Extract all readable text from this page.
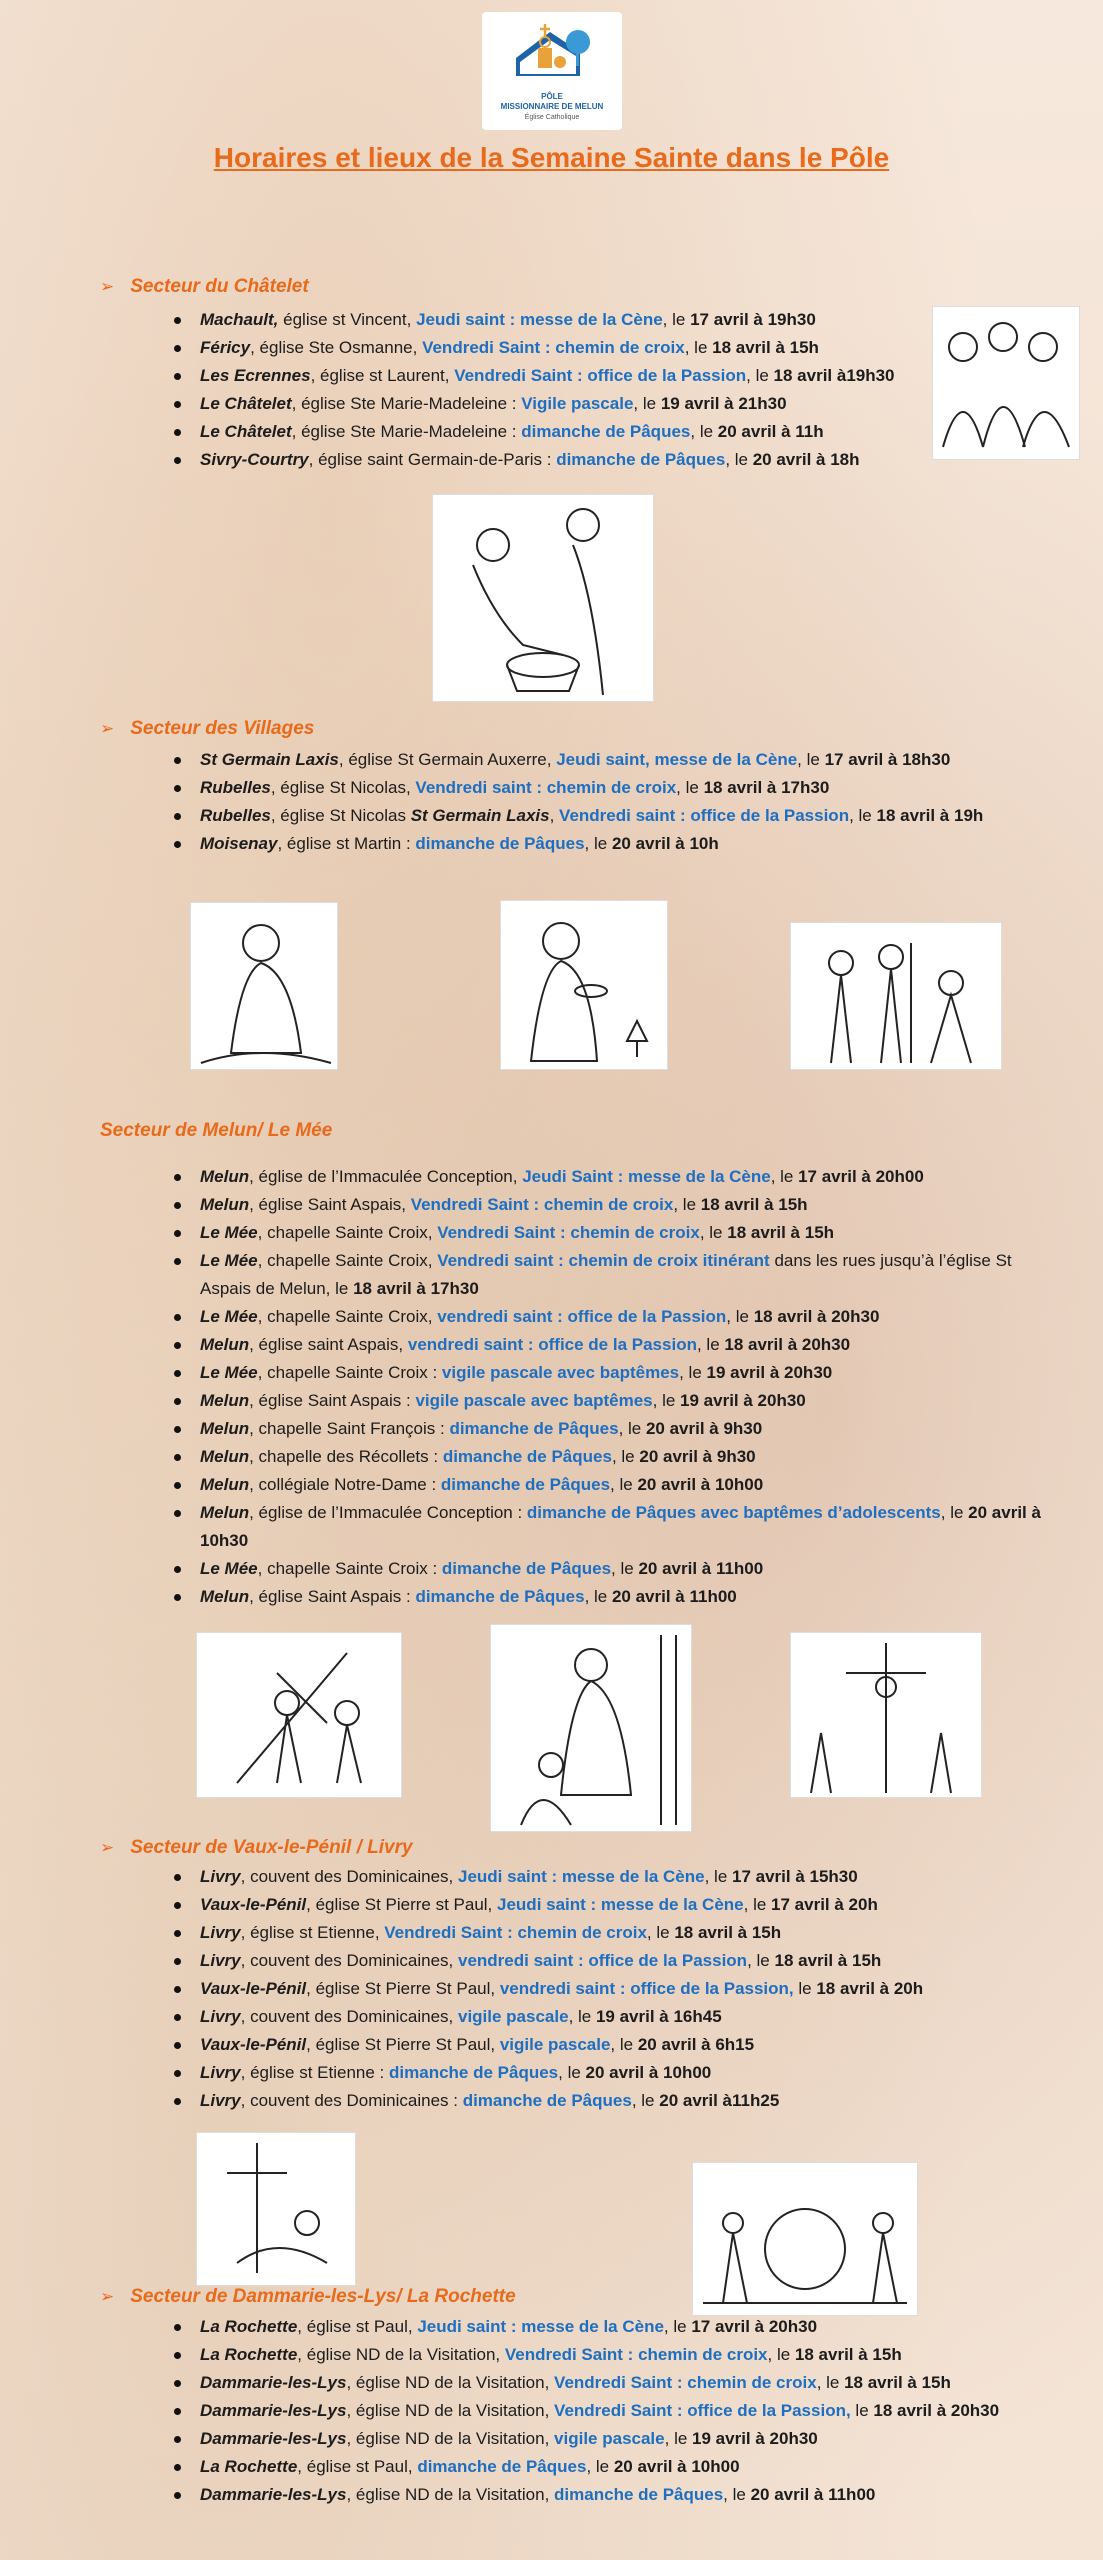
PÔLE
MISSIONNAIRE DE MELUN
Église Catholique
Horaires et lieux de la Semaine Sainte dans le Pôle
➢ Secteur du Châtelet
Machault, église st Vincent, Jeudi saint : messe de la Cène, le 17 avril à 19h30
Féricy, église Ste Osmanne, Vendredi Saint : chemin de croix, le 18 avril à 15h
Les Ecrennes, église st Laurent, Vendredi Saint : office de la Passion, le 18 avril à19h30
Le Châtelet, église Ste Marie-Madeleine : Vigile pascale, le 19 avril à 21h30
Le Châtelet, église Ste Marie-Madeleine : dimanche de Pâques, le 20 avril à 11h
Sivry-Courtry, église saint Germain-de-Paris : dimanche de Pâques, le 20 avril à 18h
➢ Secteur des Villages
St Germain Laxis, église St Germain Auxerre, Jeudi saint, messe de la Cène, le 17 avril à 18h30
Rubelles, église St Nicolas, Vendredi saint : chemin de croix, le 18 avril à 17h30
Rubelles, église St Nicolas St Germain Laxis, Vendredi saint : office de la Passion, le 18 avril à 19h
Moisenay, église st Martin : dimanche de Pâques, le 20 avril à 10h
Secteur de Melun/ Le Mée
Melun, église de l’Immaculée Conception, Jeudi Saint : messe de la Cène, le 17 avril à 20h00
Melun, église Saint Aspais, Vendredi Saint : chemin de croix, le 18 avril à 15h
Le Mée, chapelle Sainte Croix, Vendredi Saint : chemin de croix, le 18 avril à 15h
Le Mée, chapelle Sainte Croix, Vendredi saint : chemin de croix itinérant dans les rues jusqu’à l’église St Aspais de Melun, le 18 avril à 17h30
Le Mée, chapelle Sainte Croix, vendredi saint : office de la Passion, le 18 avril à 20h30
Melun, église saint Aspais, vendredi saint : office de la Passion, le 18 avril à 20h30
Le Mée, chapelle Sainte Croix : vigile pascale avec baptêmes, le 19 avril à 20h30
Melun, église Saint Aspais : vigile pascale avec baptêmes, le 19 avril à 20h30
Melun, chapelle Saint François : dimanche de Pâques, le 20 avril à 9h30
Melun, chapelle des Récollets : dimanche de Pâques, le 20 avril à 9h30
Melun, collégiale Notre-Dame : dimanche de Pâques, le 20 avril à 10h00
Melun, église de l’Immaculée Conception : dimanche de Pâques avec baptêmes d’adolescents, le 20 avril à 10h30
Le Mée, chapelle Sainte Croix : dimanche de Pâques, le 20 avril à 11h00
Melun, église Saint Aspais : dimanche de Pâques, le 20 avril à 11h00
➢ Secteur de Vaux-le-Pénil / Livry
Livry, couvent des Dominicaines, Jeudi saint : messe de la Cène, le 17 avril à 15h30
Vaux-le-Pénil, église St Pierre st Paul, Jeudi saint : messe de la Cène, le 17 avril à 20h
Livry, église st Etienne, Vendredi Saint : chemin de croix, le 18 avril à 15h
Livry, couvent des Dominicaines, vendredi saint : office de la Passion, le 18 avril à 15h
Vaux-le-Pénil, église St Pierre St Paul, vendredi saint : office de la Passion, le 18 avril à 20h
Livry, couvent des Dominicaines, vigile pascale, le 19 avril à 16h45
Vaux-le-Pénil, église St Pierre St Paul, vigile pascale, le 20 avril à 6h15
Livry, église st Etienne : dimanche de Pâques, le 20 avril à 10h00
Livry, couvent des Dominicaines : dimanche de Pâques, le 20 avril à11h25
➢ Secteur de Dammarie-les-Lys/ La Rochette
La Rochette, église st Paul, Jeudi saint : messe de la Cène, le 17 avril à 20h30
La Rochette, église ND de la Visitation, Vendredi Saint : chemin de croix, le 18 avril à 15h
Dammarie-les-Lys, église ND de la Visitation, Vendredi Saint : chemin de croix, le 18 avril à 15h
Dammarie-les-Lys, église ND de la Visitation, Vendredi Saint : office de la Passion, le 18 avril à 20h30
Dammarie-les-Lys, église ND de la Visitation, vigile pascale, le 19 avril à 20h30
La Rochette, église st Paul, dimanche de Pâques, le 20 avril à 10h00
Dammarie-les-Lys, église ND de la Visitation, dimanche de Pâques, le 20 avril à 11h00
